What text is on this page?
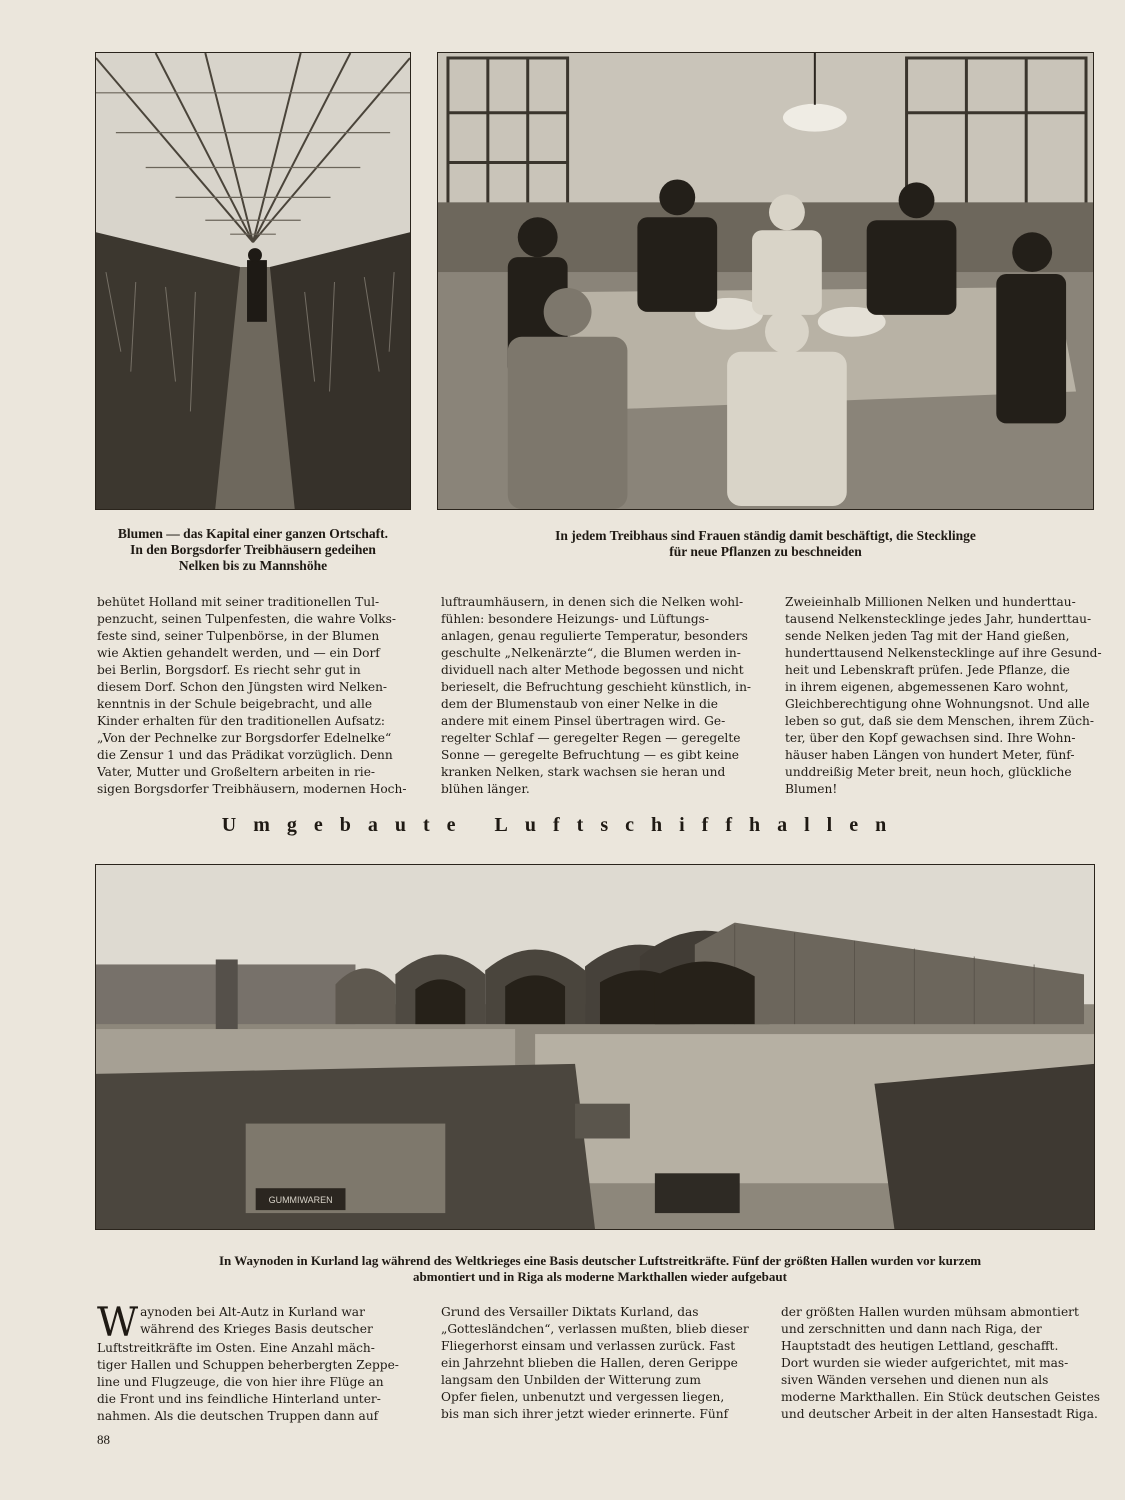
Blumen — das Kapital einer ganzen Ortschaft.
In den Borgsdorfer Treibhäusern gedeihen
Nelken bis zu Mannshöhe
In jedem Treibhaus sind Frauen ständig damit beschäftigt, die Stecklinge
für neue Pflanzen zu beschneiden
behütet Holland mit seiner traditionellen Tul-
penzucht, seinen Tulpenfesten, die wahre Volks-
feste sind, seiner Tulpenbörse, in der Blumen
wie Aktien gehandelt werden, und — ein Dorf
bei Berlin, Borgsdorf. Es riecht sehr gut in
diesem Dorf. Schon den Jüngsten wird Nelken-
kenntnis in der Schule beigebracht, und alle
Kinder erhalten für den traditionellen Aufsatz:
„Von der Pechnelke zur Borgsdorfer Edelnelke“
die Zensur 1 und das Prädikat vorzüglich. Denn
Vater, Mutter und Großeltern arbeiten in rie-
sigen Borgsdorfer Treibhäusern, modernen Hoch-
luftraumhäusern, in denen sich die Nelken wohl-
fühlen: besondere Heizungs- und Lüftungs-
anlagen, genau regulierte Temperatur, besonders
geschulte „Nelkenärzte“, die Blumen werden in-
dividuell nach alter Methode begossen und nicht
berieselt, die Befruchtung geschieht künstlich, in-
dem der Blumenstaub von einer Nelke in die
andere mit einem Pinsel übertragen wird. Ge-
regelter Schlaf — geregelter Regen — geregelte
Sonne — geregelte Befruchtung — es gibt keine
kranken Nelken, stark wachsen sie heran und
blühen länger.
Zweieinhalb Millionen Nelken und hunderttau-
tausend Nelkenstecklinge jedes Jahr, hunderttau-
sende Nelken jeden Tag mit der Hand gießen,
hunderttausend Nelkenstecklinge auf ihre Gesund-
heit und Lebenskraft prüfen. Jede Pflanze, die
in ihrem eigenen, abgemessenen Karo wohnt,
Gleichberechtigung ohne Wohnungsnot. Und alle
leben so gut, daß sie dem Menschen, ihrem Züch-
ter, über den Kopf gewachsen sind. Ihre Wohn-
häuser haben Längen von hundert Meter, fünf-
unddreißig Meter breit, neun hoch, glückliche
Blumen!
Umgebaute Luftschiffhallen
GUMMIWAREN
In Waynoden in Kurland lag während des Weltkrieges eine Basis deutscher Luftstreitkräfte. Fünf der größten Hallen wurden vor kurzem
abmontiert und in Riga als moderne Markthallen wieder aufgebaut
W aynoden bei Alt-Autz in Kurland war
während des Krieges Basis deutscher
Luftstreitkräfte im Osten. Eine Anzahl mäch-
tiger Hallen und Schuppen beherbergten Zeppe-
line und Flugzeuge, die von hier ihre Flüge an
die Front und ins feindliche Hinterland unter-
nahmen. Als die deutschen Truppen dann auf
Grund des Versailler Diktats Kurland, das
„Gottesländchen“, verlassen mußten, blieb dieser
Fliegerhorst einsam und verlassen zurück. Fast
ein Jahrzehnt blieben die Hallen, deren Gerippe
langsam den Unbilden der Witterung zum
Opfer fielen, unbenutzt und vergessen liegen,
bis man sich ihrer jetzt wieder erinnerte. Fünf
der größten Hallen wurden mühsam abmontiert
und zerschnitten und dann nach Riga, der
Hauptstadt des heutigen Lettland, geschafft.
Dort wurden sie wieder aufgerichtet, mit mas-
siven Wänden versehen und dienen nun als
moderne Markthallen. Ein Stück deutschen Geistes
und deutscher Arbeit in der alten Hansestadt Riga.
88
